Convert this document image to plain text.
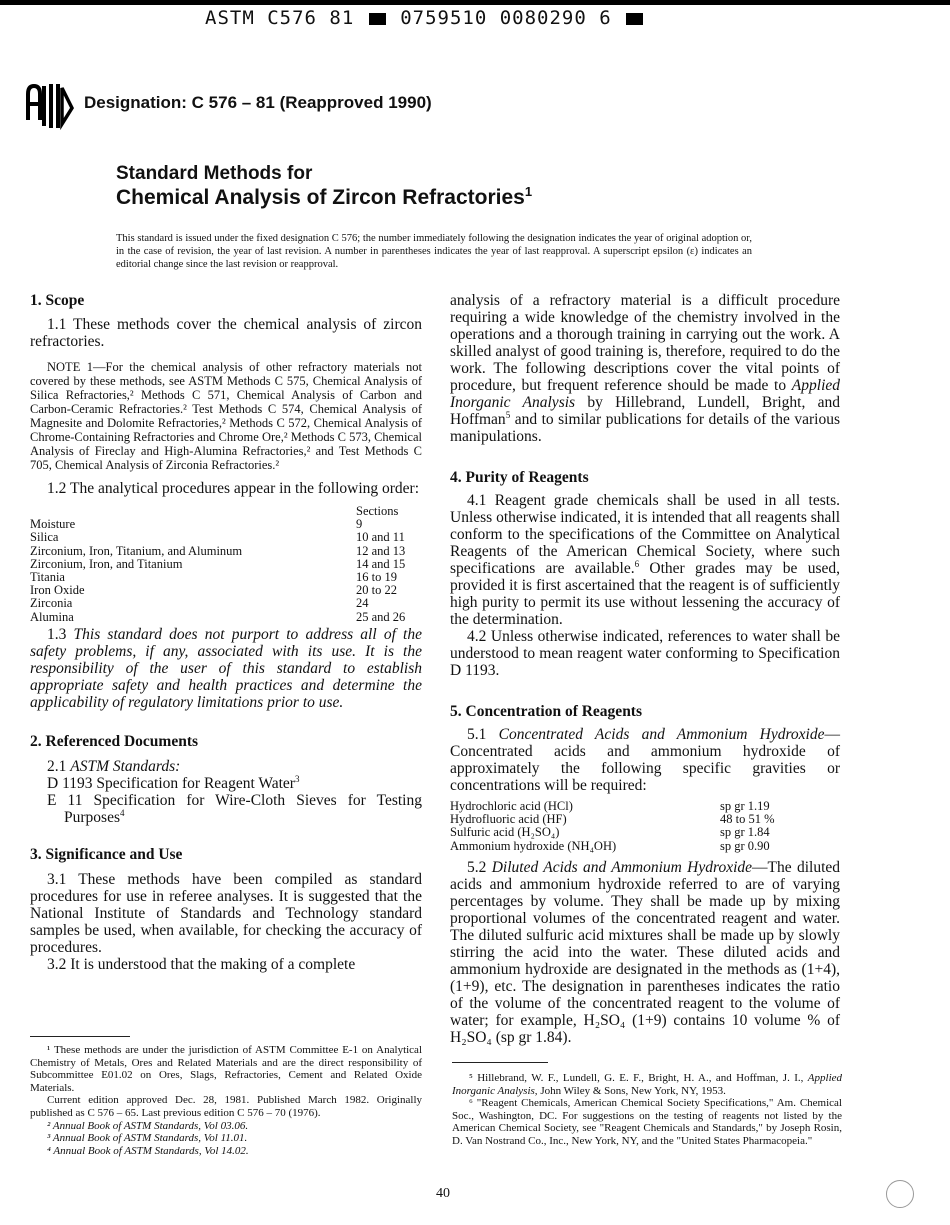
ASTM C576 81 0759510 0080290 6
Designation: C 576 – 81 (Reapproved 1990)
Standard Methods for
Chemical Analysis of Zircon Refractories$^1$
This standard is issued under the fixed designation C 576; the number immediately following the designation indicates the year of original adoption or, in the case of revision, the year of last revision. A number in parentheses indicates the year of last reapproval. A superscript epsilon (ε) indicates an editorial change since the last revision or reapproval.
1. Scope

1.1 These methods cover the chemical analysis of zircon refractories.

NOTE 1—For the chemical analysis of other refractory materials not covered by these methods, see ASTM Methods C 575, Chemical Analysis of Silica Refractories,² Methods C 571, Chemical Analysis of Carbon and Carbon-Ceramic Refractories.² Test Methods C 574, Chemical Analysis of Magnesite and Dolomite Refractories,² Methods C 572, Chemical Analysis of Chrome-Containing Refractories and Chrome Ore,² Methods C 573, Chemical Analysis of Fireclay and High-Alumina Refractories,² and Test Methods C 705, Chemical Analysis of Zirconia Refractories.²

1.2 The analytical procedures appear in the following order:

	Sections
Moisture	9
Silica	10 and 11
Zirconium, Iron, Titanium, and Aluminum	12 and 13
Zirconium, Iron, and Titanium	14 and 15
Titania	16 to 19
Iron Oxide	20 to 22
Zirconia	24
Alumina	25 and 26

1.3 This standard does not purport to address all of the safety problems, if any, associated with its use. It is the responsibility of the user of this standard to establish appropriate safety and health practices and determine the applicability of regulatory limitations prior to use.

2. Referenced Documents

2.1 ASTM Standards:

D 1193 Specification for Reagent Water$^3$

E 11 Specification for Wire-Cloth Sieves for Testing Purposes$^4$

3. Significance and Use

3.1 These methods have been compiled as standard procedures for use in referee analyses. It is suggested that the National Institute of Standards and Technology standard samples be used, when available, for checking the accuracy of procedures.

3.2 It is understood that the making of a complete

¹ These methods are under the jurisdiction of ASTM Committee E-1 on Analytical Chemistry of Metals, Ores and Related Materials and are the direct responsibility of Subcommittee E01.02 on Ores, Slags, Refractories, Cement and Related Oxide Materials.

Current edition approved Dec. 28, 1981. Published March 1982. Originally published as C 576 – 65. Last previous edition C 576 – 70 (1976).

² Annual Book of ASTM Standards, Vol 03.06.

³ Annual Book of ASTM Standards, Vol 11.01.

⁴ Annual Book of ASTM Standards, Vol 14.02.

analysis of a refractory material is a difficult procedure requiring a wide knowledge of the chemistry involved in the operations and a thorough training in carrying out the work. A skilled analyst of good training is, therefore, required to do the work. The following descriptions cover the vital points of procedure, but frequent reference should be made to Applied Inorganic Analysis by Hillebrand, Lundell, Bright, and Hoffman$^5$ and to similar publications for details of the various manipulations.

4. Purity of Reagents

4.1 Reagent grade chemicals shall be used in all tests. Unless otherwise indicated, it is intended that all reagents shall conform to the specifications of the Committee on Analytical Reagents of the American Chemical Society, where such specifications are available.$^6$ Other grades may be used, provided it is first ascertained that the reagent is of sufficiently high purity to permit its use without lessening the accuracy of the determination.

4.2 Unless otherwise indicated, references to water shall be understood to mean reagent water conforming to Specification D 1193.

5. Concentration of Reagents

5.1 Concentrated Acids and Ammonium Hydroxide—Concentrated acids and ammonium hydroxide of approximately the following specific gravities or concentrations will be required:

Hydrochloric acid (HCl)	sp gr 1.19
Hydrofluoric acid (HF)	48 to 51 %
Sulfuric acid (H₂SO₄)	sp gr 1.84
Ammonium hydroxide (NH₄OH)	sp gr 0.90

5.2 Diluted Acids and Ammonium Hydroxide—The diluted acids and ammonium hydroxide referred to are of varying percentages by volume. They shall be made up by mixing proportional volumes of the concentrated reagent and water. The diluted sulfuric acid mixtures shall be made up by slowly stirring the acid into the water. These diluted acids and ammonium hydroxide are designated in the methods as (1+4), (1+9), etc. The designation in parentheses indicates the ratio of the volume of the concentrated reagent to the volume of water; for example, H₂SO₄ (1+9) contains 10 volume % of H₂SO₄ (sp gr 1.84).

⁵ Hillebrand, W. F., Lundell, G. E. F., Bright, H. A., and Hoffman, J. I., Applied Inorganic Analysis, John Wiley & Sons, New York, NY, 1953.

⁶ "Reagent Chemicals, American Chemical Society Specifications," Am. Chemical Soc., Washington, DC. For suggestions on the testing of reagents not listed by the American Chemical Society, see "Reagent Chemicals and Standards," by Joseph Rosin, D. Van Nostrand Co., Inc., New York, NY, and the "United States Pharmacopeia."

40
